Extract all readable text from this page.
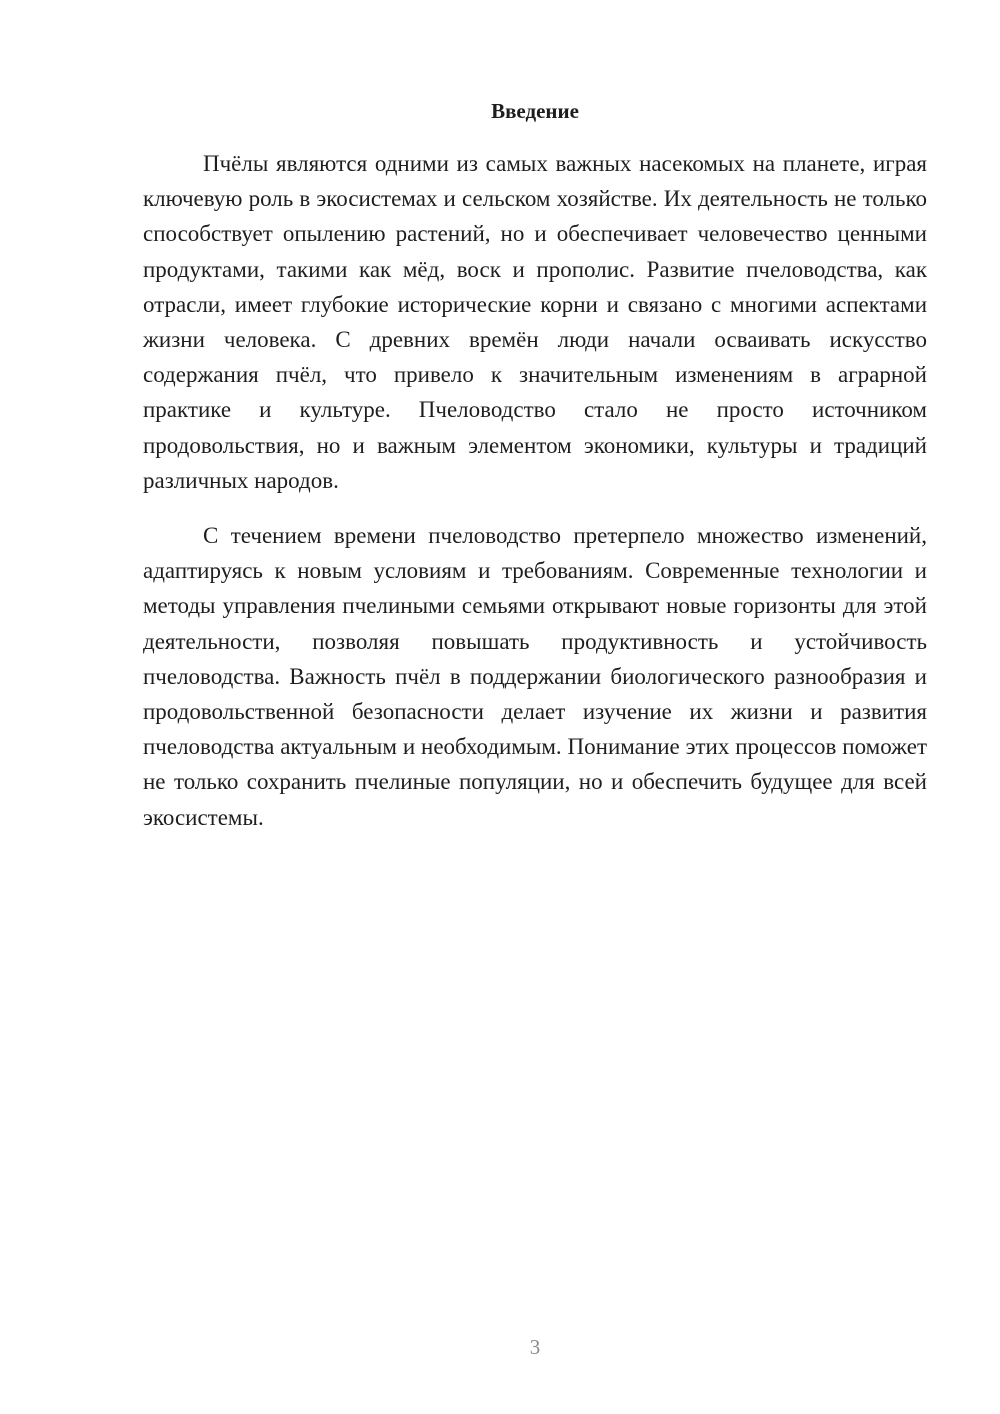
Введение

Пчёлы являются одними из самых важных насекомых на планете, играя ключевую роль в экосистемах и сельском хозяйстве. Их деятельность не только способствует опылению растений, но и обеспечивает человечество ценными продуктами, такими как мёд, воск и прополис. Развитие пчеловодства, как отрасли, имеет глубокие исторические корни и связано с многими аспектами жизни человека. С древних времён люди начали осваивать искусство содержания пчёл, что привело к значительным изменениям в аграрной практике и культуре. Пчеловодство стало не просто источником продовольствия, но и важным элементом экономики, культуры и традиций различных народов.

С течением времени пчеловодство претерпело множество изменений, адаптируясь к новым условиям и требованиям. Современные технологии и методы управления пчелиными семьями открывают новые горизонты для этой деятельности, позволяя повышать продуктивность и устойчивость пчеловодства. Важность пчёл в поддержании биологического разнообразия и продовольственной безопасности делает изучение их жизни и развития пчеловодства актуальным и необходимым. Понимание этих процессов поможет не только сохранить пчелиные популяции, но и обеспечить будущее для всей экосистемы.

3
